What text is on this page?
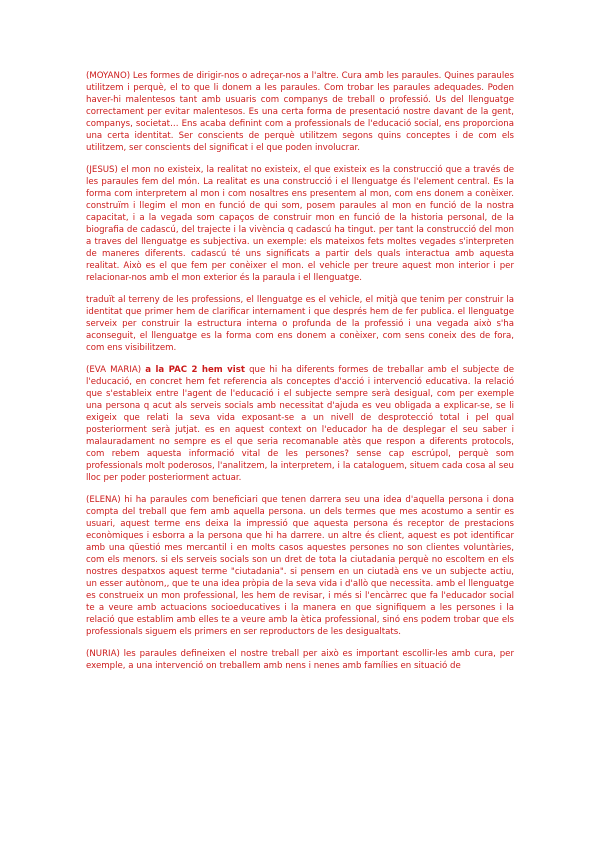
(MOYANO) Les formes de dirigir-nos o adreçar-nos a l'altre. Cura amb les paraules. Quines paraules utilitzem i perquè, el to que li donem a les paraules. Com trobar les paraules adequades. Poden haver-hi malentesos tant amb usuaris com companys de treball o professió. Us del llenguatge correctament per evitar malentesos. Es una certa forma de presentació nostre davant de la gent, companys, societat… Ens acaba definint com a professionals de l'educació social, ens proporciona una certa identitat. Ser conscients de perquè utilitzem segons quins conceptes i de com els utilitzem, ser conscients del significat i el que poden involucrar.

(JESUS) el mon no existeix, la realitat no existeix, el que existeix es la construcció que a través de les paraules fem del món. La realitat es una construcció i el llenguatge és l'element central. Es la forma com interpretem al mon i com nosaltres ens presentem al mon, com ens donem a conèixer. construïm i llegim el mon en funció de qui som, posem paraules al mon en funció de la nostra capacitat, i a la vegada som capaços de construir mon en funció de la historia personal, de la biografia de cadascú, del trajecte i la vivència q cadascú ha tingut. per tant la construcció del mon a traves del llenguatge es subjectiva. un exemple: els mateixos fets moltes vegades s'interpreten de maneres diferents. cadascú té uns significats a partir dels quals interactua amb aquesta realitat. Això es el que fem per conèixer el mon. el vehicle per treure aquest mon interior i per relacionar-nos amb el mon exterior és la paraula i el llenguatge.

traduït al terreny de les professions, el llenguatge es el vehicle, el mitjà que tenim per construir la identitat que primer hem de clarificar internament i que després hem de fer publica. el llenguatge serveix per construir la estructura interna o profunda de la professió i una vegada això s'ha aconseguit, el llenguatge es la forma com ens donem a conèixer, com sens coneix des de fora, com ens visibilitzem.

(EVA MARIA) a la PAC 2 hem vist que hi ha diferents formes de treballar amb el subjecte de l'educació, en concret hem fet referencia als conceptes d'acció i intervenció educativa. la relació que s'estableix entre l'agent de l'educació i el subjecte sempre serà desigual, com per exemple una persona q acut als serveis socials amb necessitat d'ajuda es veu obligada a explicar-se, se li exigeix que relati la seva vida exposant-se a un nivell de desprotecció total i pel qual posteriorment serà jutjat. es en aquest context on l'educador ha de desplegar el seu saber i malauradament no sempre es el que seria recomanable atès que respon a diferents protocols, com rebem aquesta informació vital de les persones? sense cap escrúpol, perquè som professionals molt poderosos, l'analitzem, la interpretem, i la cataloguem, situem cada cosa al seu lloc per poder posteriorment actuar.

(ELENA) hi ha paraules com beneficiari que tenen darrera seu una idea d'aquella persona i dona compta del treball que fem amb aquella persona. un dels termes que mes acostumo a sentir es usuari, aquest terme ens deixa la impressió que aquesta persona és receptor de prestacions econòmiques i esborra a la persona que hi ha darrere. un altre és client, aquest es pot identificar amb una qüestió mes mercantil i en molts casos aquestes persones no son clientes voluntàries, com els menors. si els serveis socials son un dret de tota la ciutadania perquè no escoltem en els nostres despatxos aquest terme "ciutadania". si pensem en un ciutadà ens ve un subjecte actiu, un esser autònom,, que te una idea pròpia de la seva vida i d'allò que necessita. amb el llenguatge es construeix un mon professional, les hem de revisar, i més si l'encàrrec que fa l'educador social te a veure amb actuacions socioeducatives i la manera en que signifiquem a les persones i la relació que establim amb elles te a veure amb la ètica professional, sinó ens podem trobar que els professionals siguem els primers en ser reproductors de les desigualtats.

(NURIA) les paraules defineixen el nostre treball per això es important escollir-les amb cura, per exemple, a una intervenció on treballem amb nens i nenes amb famílies en situació de
